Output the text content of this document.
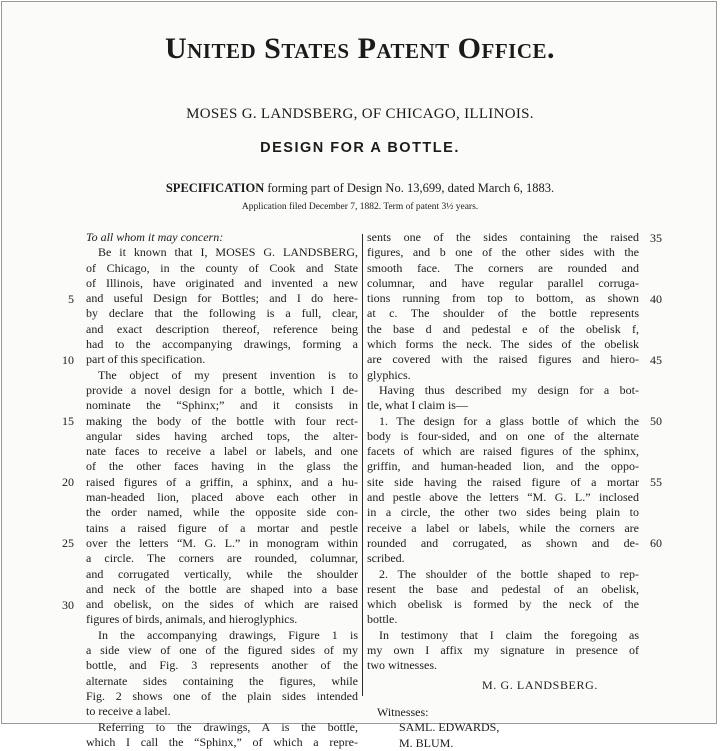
United States Patent Office.
MOSES G. LANDSBERG, OF CHICAGO, ILLINOIS.
DESIGN FOR A BOTTLE.
SPECIFICATION forming part of Design No. 13,699, dated March 6, 1883.
Application filed December 7, 1882. Term of patent 3½ years.
To all whom it may concern:
Be it known that I, MOSES G. LANDSBERG,
of Chicago, in the county of Cook and State
of Illinois, have originated and invented a new
and useful Design for Bottles; and I do here-
by declare that the following is a full, clear,
and exact description thereof, reference being
had to the accompanying drawings, forming a
part of this specification.
The object of my present invention is to
provide a novel design for a bottle, which I de-
nominate the “Sphinx;” and it consists in
making the body of the bottle with four rect-
angular sides having arched tops, the alter-
nate faces to receive a label or labels, and one
of the other faces having in the glass the
raised figures of a griffin, a sphinx, and a hu-
man-headed lion, placed above each other in
the order named, while the opposite side con-
tains a raised figure of a mortar and pestle
over the letters “M. G. L.” in monogram within
a circle. The corners are rounded, columnar,
and corrugated vertically, while the shoulder
and neck of the bottle are shaped into a base
and obelisk, on the sides of which are raised
figures of birds, animals, and hieroglyphics.
In the accompanying drawings, Figure 1 is
a side view of one of the figured sides of my
bottle, and Fig. 3 represents another of the
alternate sides containing the figures, while
Fig. 2 shows one of the plain sides intended
to receive a label.
Referring to the drawings, A is the bottle,
which I call the “Sphinx,” of which a repre-
sents one of the sides containing the raised
figures, and b one of the other sides with the
smooth face. The corners are rounded and
columnar, and have regular parallel corruga-
tions running from top to bottom, as shown
at c. The shoulder of the bottle represents
the base d and pedestal e of the obelisk f,
which forms the neck. The sides of the obelisk
are covered with the raised figures and hiero-
glyphics.
Having thus described my design for a bot-
tle, what I claim is—
1. The design for a glass bottle of which the
body is four-sided, and on one of the alternate
facets of which are raised figures of the sphinx,
griffin, and human-headed lion, and the oppo-
site side having the raised figure of a mortar
and pestle above the letters “M. G. L.” inclosed
in a circle, the other two sides being plain to
receive a label or labels, while the corners are
rounded and corrugated, as shown and de-
scribed.
2. The shoulder of the bottle shaped to rep-
resent the base and pedestal of an obelisk,
which obelisk is formed by the neck of the
bottle.
In testimony that I claim the foregoing as
my own I affix my signature in presence of
two witnesses.
M. G. LANDSBERG.
Witnesses:
SAML. EDWARDS,
M. BLUM.
5
10
15
20
25
30
35
40
45
50
55
60
